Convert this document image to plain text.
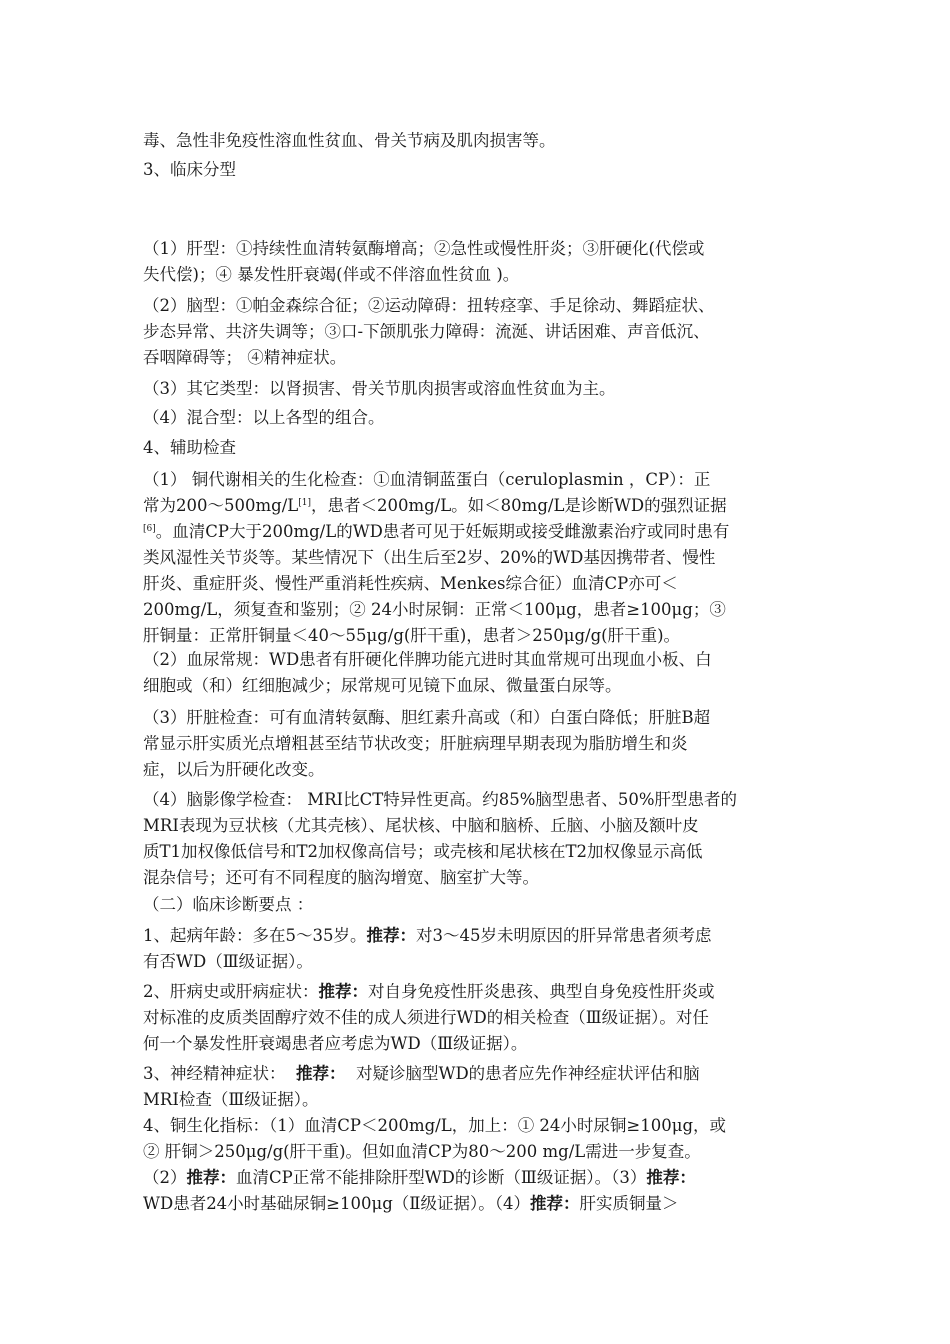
毒、急性非免疫性溶血性贫血、骨关节病及肌肉损害等。

3、临床分型

（1）肝型：①持续性血清转氨酶增高；②急性或慢性肝炎；③肝硬化(代偿或
失代偿)；④ 暴发性肝衰竭(伴或不伴溶血性贫血 )。

（2）脑型：①帕金森综合征；②运动障碍：扭转痉挛、手足徐动、舞蹈症状、
步态异常、共济失调等；③口-下颌肌张力障碍：流涎、讲话困难、声音低沉、
吞咽障碍等； ④精神症状。

（3）其它类型：以肾损害、骨关节肌肉损害或溶血性贫血为主。

（4）混合型：以上各型的组合。

4、辅助检查

（1） 铜代谢相关的生化检查：①血清铜蓝蛋白（ceruloplasmin ，CP）：正
常为200～500mg/L[1]，患者＜200mg/L。如＜80mg/L是诊断WD的强烈证据
[6]。血清CP大于200mg/L的WD患者可见于妊娠期或接受雌激素治疗或同时患有
类风湿性关节炎等。某些情况下（出生后至2岁、20%的WD基因携带者、慢性
肝炎、重症肝炎、慢性严重消耗性疾病、Menkes综合征）血清CP亦可＜
200mg/L，须复查和鉴别；② 24小时尿铜：正常＜100μg，患者≥100μg；③
肝铜量：正常肝铜量＜40～55μg/g(肝干重)，患者＞250μg/g(肝干重)。

（2）血尿常规：WD患者有肝硬化伴脾功能亢进时其血常规可出现血小板、白
细胞或（和）红细胞减少；尿常规可见镜下血尿、微量蛋白尿等。

（3）肝脏检查：可有血清转氨酶、胆红素升高或（和）白蛋白降低；肝脏B超
常显示肝实质光点增粗甚至结节状改变；肝脏病理早期表现为脂肪增生和炎
症，以后为肝硬化改变。

（4）脑影像学检查： MRI比CT特异性更高。约85%脑型患者、50%肝型患者的
MRI表现为豆状核（尤其壳核）、尾状核、中脑和脑桥、丘脑、小脑及额叶皮
质T1加权像低信号和T2加权像高信号；或壳核和尾状核在T2加权像显示高低
混杂信号；还可有不同程度的脑沟增宽、脑室扩大等。

（二）临床诊断要点 ：

1、起病年龄：多在5～35岁。推荐：对3～45岁未明原因的肝异常患者须考虑
有否WD（Ⅲ级证据）。

2、肝病史或肝病症状：推荐：对自身免疫性肝炎患孩、典型自身免疫性肝炎或
对标准的皮质类固醇疗效不佳的成人须进行WD的相关检查（Ⅲ级证据）。对任
何一个暴发性肝衰竭患者应考虑为WD（Ⅲ级证据）。

3、神经精神症状：  推荐：  对疑诊脑型WD的患者应先作神经症状评估和脑
MRI检查（Ⅲ级证据）。

4、铜生化指标：（1）血清CP＜200mg/L，加上：① 24小时尿铜≥100μg，或
② 肝铜＞250μg/g(肝干重)。但如血清CP为80～200 mg/L需进一步复查。
（2）推荐：血清CP正常不能排除肝型WD的诊断（Ⅲ级证据）。（3）推荐：
WD患者24小时基础尿铜≥100μg（Ⅱ级证据）。（4）推荐：肝实质铜量＞
